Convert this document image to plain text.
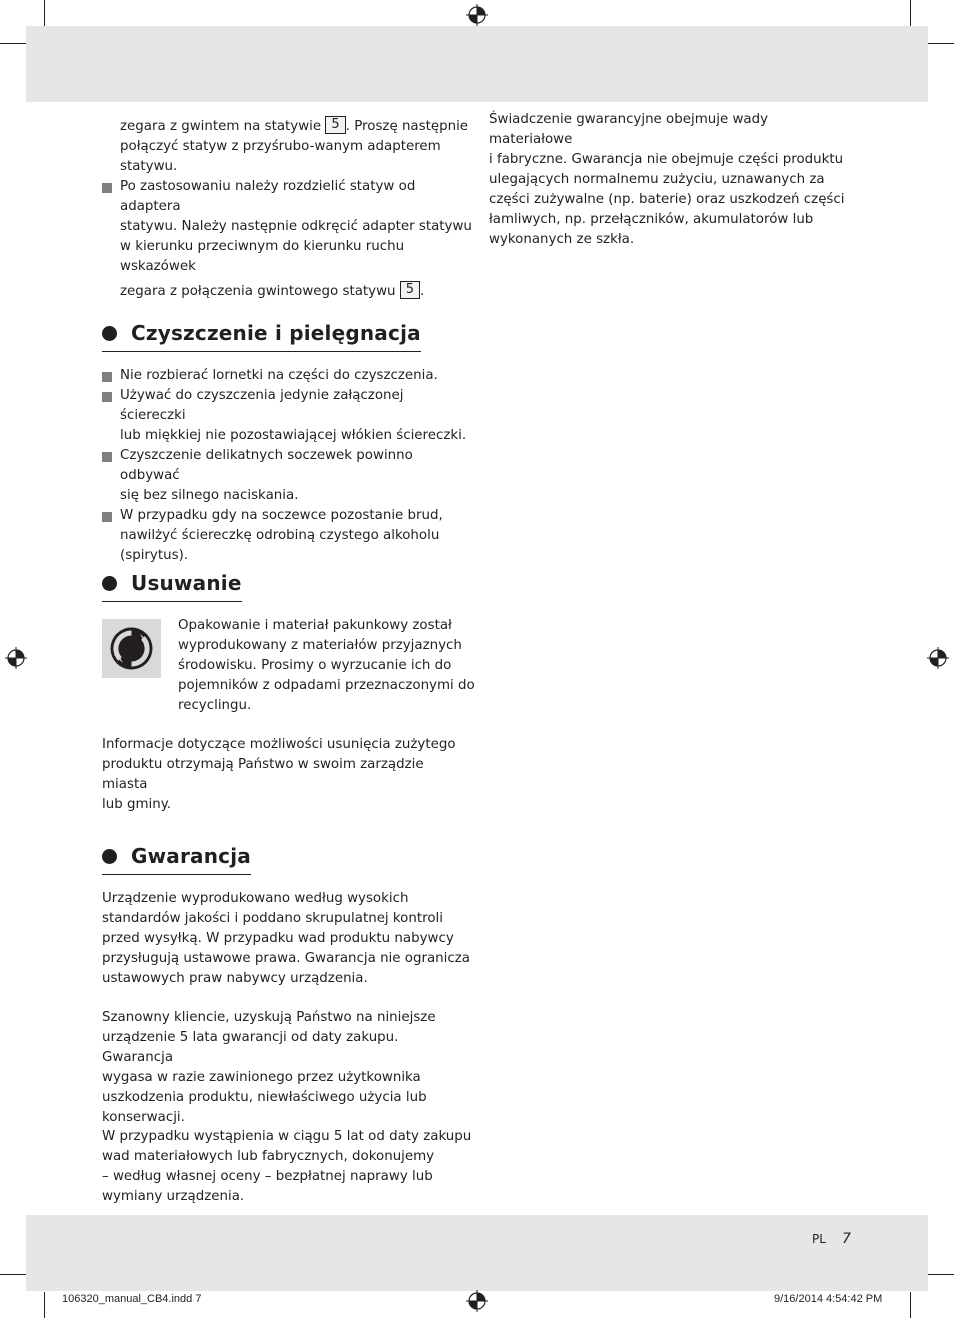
zegara z gwintem na statywie 5 . Proszę następnie
połączyć statyw z przyśrubo-wanym adapterem
statywu.
Po zastosowaniu należy rozdzielić statyw od adaptera
statywu. Należy następnie odkręcić adapter statywu
w kierunku przeciwnym do kierunku ruchu wskazówek
zegara z połączenia gwintowego statywu 5 .
Czyszczenie i pielęgnacja
Nie rozbierać lornetki na części do czyszczenia.
Używać do czyszczenia jedynie załączonej ściereczki
lub miękkiej nie pozostawiającej włókien ściereczki.
Czyszczenie delikatnych soczewek powinno odbywać
się bez silnego naciskania.
W przypadku gdy na soczewce pozostanie brud,
nawilżyć ściereczkę odrobiną czystego alkoholu
(spirytus).
Usuwanie
Opakowanie i materiał pakunkowy został
wyprodukowany z materiałów przyjaznych
środowisku. Prosimy o wyrzucanie ich do
pojemników z odpadami przeznaczonymi do
recyclingu.
Informacje dotyczące możliwości usunięcia zużytego
produktu otrzymają Państwo w swoim zarządzie miasta
lub gminy.
Gwarancja
Urządzenie wyprodukowano według wysokich
standardów jakości i poddano skrupulatnej kontroli
przed wysyłką. W przypadku wad produktu nabywcy
przysługują ustawowe prawa. Gwarancja nie ogranicza
ustawowych praw nabywcy urządzenia.
Szanowny kliencie, uzyskują Państwo na niniejsze
urządzenie 5 lata gwarancji od daty zakupu. Gwarancja
wygasa w razie zawinionego przez użytkownika
uszkodzenia produktu, niewłaściwego użycia lub
konserwacji.
W przypadku wystąpienia w ciągu 5 lat od daty zakupu
wad materiałowych lub fabrycznych, dokonujemy
– według własnej oceny – bezpłatnej naprawy lub
wymiany urządzenia.
Świadczenie gwarancyjne obejmuje wady materiałowe
i fabryczne. Gwarancja nie obejmuje części produktu
ulegających normalnemu zużyciu, uznawanych za
części zużywalne (np. baterie) oraz uszkodzeń części
łamliwych, np. przełączników, akumulatorów lub
wykonanych ze szkła.
PL 7
106320_manual_CB4.indd 7	9/16/2014 4:54:42 PM
